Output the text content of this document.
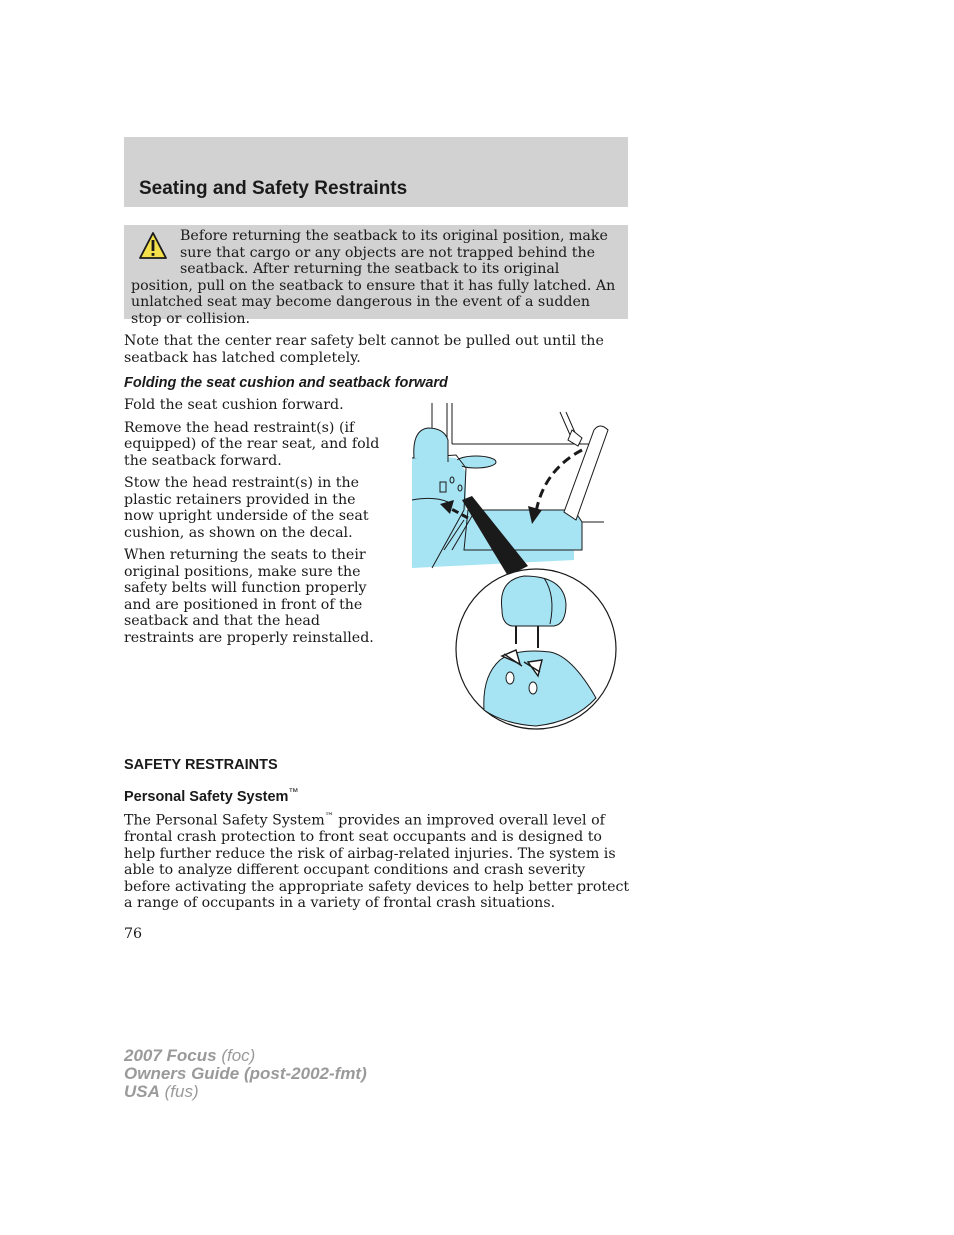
Seating and Safety Restraints
Before returning the seatback to its original position, make sure that cargo or any objects are not trapped behind the seatback. After returning the seatback to its original position, pull on the seatback to ensure that it has fully latched. An unlatched seat may become dangerous in the event of a sudden stop or collision.

Note that the center rear safety belt cannot be pulled out until the seatback has latched completely.

Folding the seat cushion and seatback forward

Fold the seat cushion forward.

Remove the head restraint(s) (if equipped) of the rear seat, and fold the seatback forward.

Stow the head restraint(s) in the plastic retainers provided in the now upright underside of the seat cushion, as shown on the decal.

When returning the seats to their original positions, make sure the safety belts will function properly and are positioned in front of the seatback and that the head restraints are properly reinstalled.

SAFETY RESTRAINTS

Personal Safety System™

The Personal Safety System™ provides an improved overall level of frontal crash protection to front seat occupants and is designed to help further reduce the risk of airbag-related injuries. The system is able to analyze different occupant conditions and crash severity before activating the appropriate safety devices to help better protect a range of occupants in a variety of frontal crash situations.

76

2007 Focus (foc)

Owners Guide (post-2002-fmt)

USA (fus)
